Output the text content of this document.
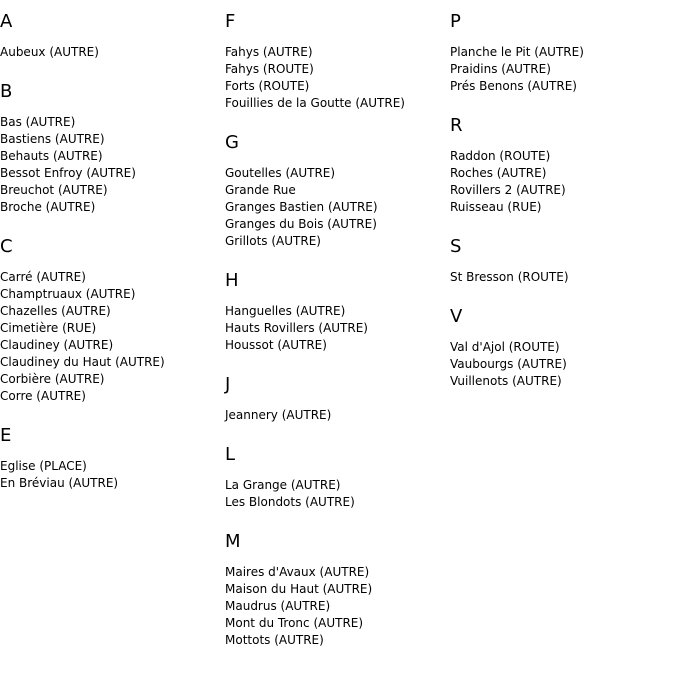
A
Aubeux (AUTRE)
B
Bas (AUTRE)
Bastiens (AUTRE)
Behauts (AUTRE)
Bessot Enfroy (AUTRE)
Breuchot (AUTRE)
Broche (AUTRE)
C
Carré (AUTRE)
Champtruaux (AUTRE)
Chazelles (AUTRE)
Cimetière (RUE)
Claudiney (AUTRE)
Claudiney du Haut (AUTRE)
Corbière (AUTRE)
Corre (AUTRE)
E
Eglise (PLACE)
En Bréviau (AUTRE)
F
Fahys (AUTRE)
Fahys (ROUTE)
Forts (ROUTE)
Fouillies de la Goutte (AUTRE)
G
Goutelles (AUTRE)
Grande Rue
Granges Bastien (AUTRE)
Granges du Bois (AUTRE)
Grillots (AUTRE)
H
Hanguelles (AUTRE)
Hauts Rovillers (AUTRE)
Houssot (AUTRE)
J
Jeannery (AUTRE)
L
La Grange (AUTRE)
Les Blondots (AUTRE)
M
Maires d'Avaux (AUTRE)
Maison du Haut (AUTRE)
Maudrus (AUTRE)
Mont du Tronc (AUTRE)
Mottots (AUTRE)
P
Planche le Pit (AUTRE)
Praidins (AUTRE)
Prés Benons (AUTRE)
R
Raddon (ROUTE)
Roches (AUTRE)
Rovillers 2 (AUTRE)
Ruisseau (RUE)
S
St Bresson (ROUTE)
V
Val d'Ajol (ROUTE)
Vaubourgs (AUTRE)
Vuillenots (AUTRE)
